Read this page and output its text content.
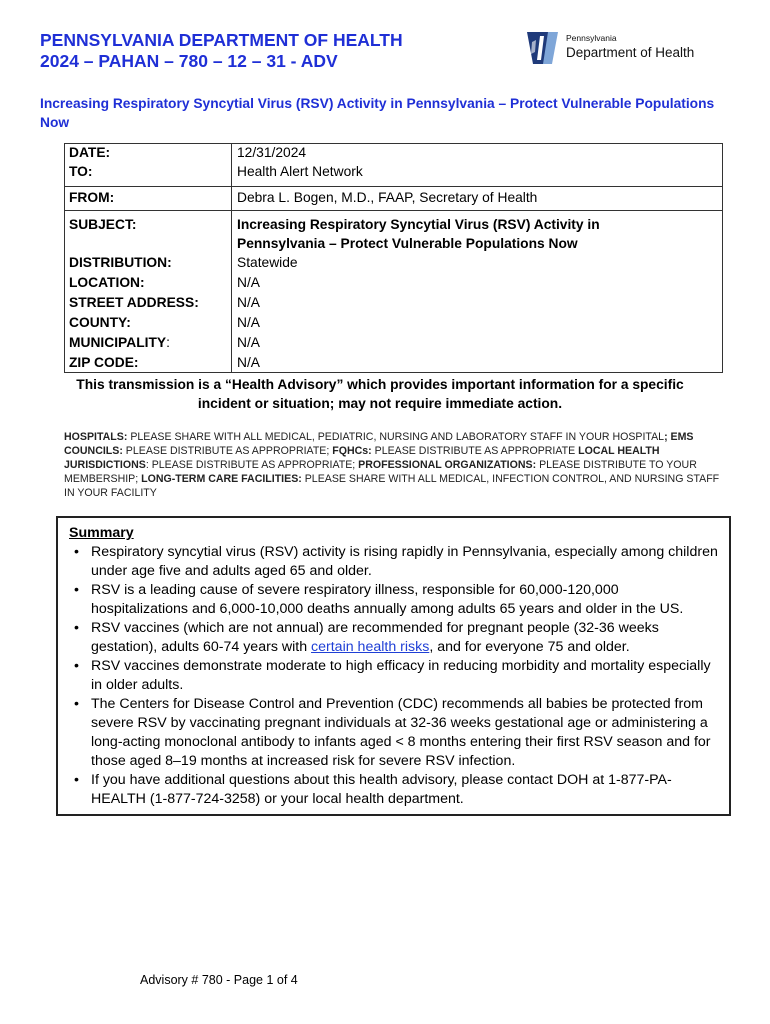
PENNSYLVANIA DEPARTMENT OF HEALTH
2024 – PAHAN – 780 – 12 – 31 - ADV
Pennsylvania
Department of Health
Increasing Respiratory Syncytial Virus (RSV) Activity in Pennsylvania – Protect Vulnerable Populations Now
DATE:	12/31/2024
TO:	Health Alert Network
FROM:	Debra L. Bogen, M.D., FAAP, Secretary of Health
SUBJECT:	Increasing Respiratory Syncytial Virus (RSV) Activity in
Pennsylvania – Protect Vulnerable Populations Now
DISTRIBUTION:	Statewide
LOCATION:	N/A
STREET ADDRESS:	N/A
COUNTY:	N/A
MUNICIPALITY:	N/A
ZIP CODE:	N/A
This transmission is a “Health Advisory” which provides important information for a specific
incident or situation; may not require immediate action.
HOSPITALS: PLEASE SHARE WITH ALL MEDICAL, PEDIATRIC, NURSING AND LABORATORY STAFF IN YOUR HOSPITAL; EMS COUNCILS: PLEASE DISTRIBUTE AS APPROPRIATE; FQHCs: PLEASE DISTRIBUTE AS APPROPRIATE LOCAL HEALTH JURISDICTIONS: PLEASE DISTRIBUTE AS APPROPRIATE; PROFESSIONAL ORGANIZATIONS: PLEASE DISTRIBUTE TO YOUR MEMBERSHIP; LONG-TERM CARE FACILITIES: PLEASE SHARE WITH ALL MEDICAL, INFECTION CONTROL, AND NURSING STAFF IN YOUR FACILITY
Summary
• Respiratory syncytial virus (RSV) activity is rising rapidly in Pennsylvania, especially among children under age five and adults aged 65 and older.
• RSV is a leading cause of severe respiratory illness, responsible for 60,000-120,000 hospitalizations and 6,000-10,000 deaths annually among adults 65 years and older in the US.
• RSV vaccines (which are not annual) are recommended for pregnant people (32-36 weeks gestation), adults 60-74 years with certain health risks, and for everyone 75 and older.
• RSV vaccines demonstrate moderate to high efficacy in reducing morbidity and mortality especially in older adults.
• The Centers for Disease Control and Prevention (CDC) recommends all babies be protected from severe RSV by vaccinating pregnant individuals at 32-36 weeks gestational age or administering a long-acting monoclonal antibody to infants aged < 8 months entering their first RSV season and for those aged 8–19 months at increased risk for severe RSV infection.
• If you have additional questions about this health advisory, please contact DOH at 1-877-PA-HEALTH (1-877-724-3258) or your local health department.
Advisory # 780 - Page 1 of 4
